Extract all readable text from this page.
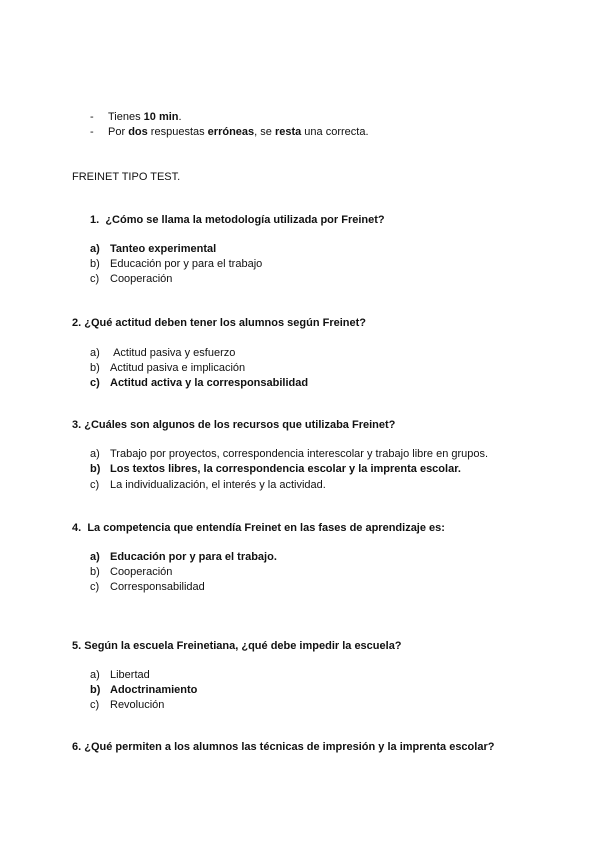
- Tienes 10 min.
- Por dos respuestas erróneas, se resta una correcta.
FREINET TIPO TEST.
1. ¿Cómo se llama la metodología utilizada por Freinet?
a) Tanteo experimental
b) Educación por y para el trabajo
c) Cooperación
2. ¿Qué actitud deben tener los alumnos según Freinet?
a) Actitud pasiva y esfuerzo
b) Actitud pasiva e implicación
c) Actitud activa y la corresponsabilidad
3. ¿Cuáles son algunos de los recursos que utilizaba Freinet?
a) Trabajo por proyectos, correspondencia interescolar y trabajo libre en grupos.
b) Los textos libres, la correspondencia escolar y la imprenta escolar.
c) La individualización, el interés y la actividad.
4. La competencia que entendía Freinet en las fases de aprendizaje es:
a) Educación por y para el trabajo.
b) Cooperación
c) Corresponsabilidad
5. Según la escuela Freinetiana, ¿qué debe impedir la escuela?
a) Libertad
b) Adoctrinamiento
c) Revolución
6. ¿Qué permiten a los alumnos las técnicas de impresión y la imprenta escolar?
